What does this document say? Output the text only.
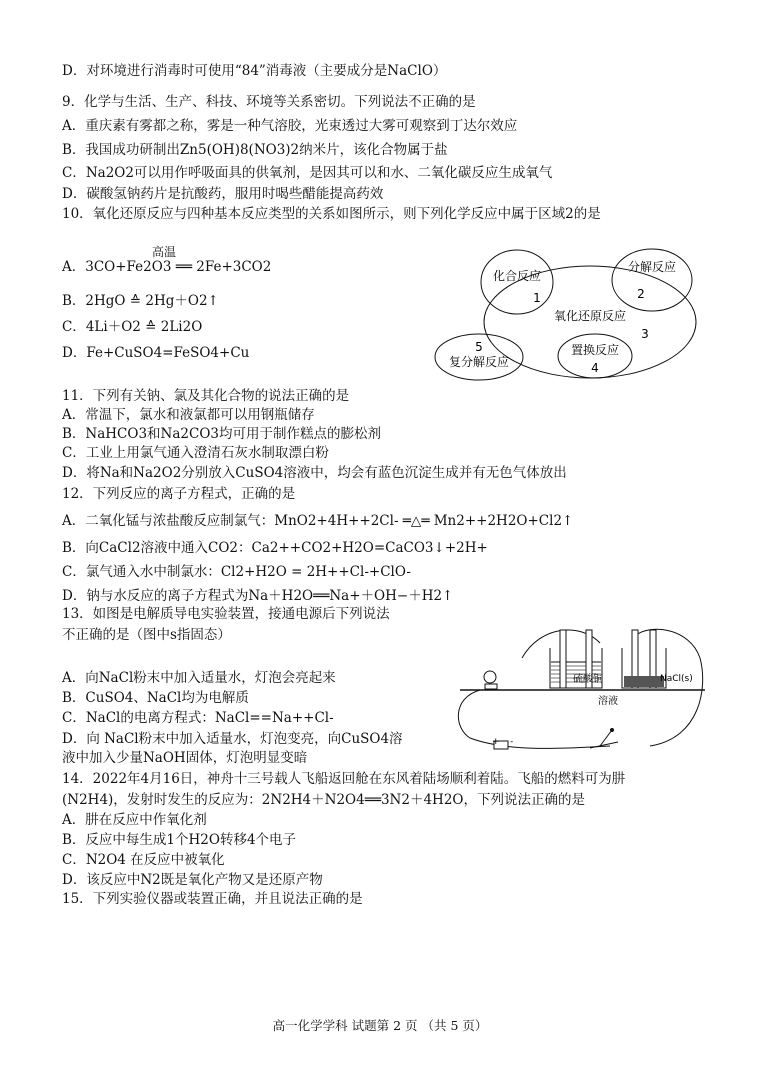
D．对环境进行消毒时可使用“84”消毒液（主要成分是NaClO）
9．化学与生活、生产、科技、环境等关系密切。下列说法不正确的是
A．重庆素有雾都之称，雾是一种气溶胶，光束透过大雾可观察到丁达尔效应
B．我国成功研制出Zn5(OH)8(NO3)2纳米片，该化合物属于盐
C．Na2O2可以用作呼吸面具的供氧剂，是因其可以和水、二氧化碳反应生成氧气
D．碳酸氢钠药片是抗酸药，服用时喝些醋能提高药效
10．氧化还原反应与四种基本反应类型的关系如图所示，则下列化学反应中属于区域2的是
高温
A．3CO+Fe2O3 ══ 2Fe+3CO2
B．2HgO ≙ 2Hg＋O2↑
C．4Li＋O2 ≙ 2Li2O
D．Fe+CuSO4=FeSO4+Cu
化合反应
分解反应
氧化还原反应
置换反应
复分解反应
1	2
3
4
5
11．下列有关钠、氯及其化合物的说法正确的是
A．常温下，氯水和液氯都可以用钢瓶储存
B．NaHCO3和Na2CO3均可用于制作糕点的膨松剂
C．工业上用氯气通入澄清石灰水制取漂白粉
D．将Na和Na2O2分别放入CuSO4溶液中，均会有蓝色沉淀生成并有无色气体放出
12．下列反应的离子方程式，正确的是
A．二氧化锰与浓盐酸反应制氯气：MnO2+4H++2Cl- ═△═ Mn2++2H2O+Cl2↑
B．向CaCl2溶液中通入CO2：Ca2++CO2+H2O=CaCO3↓+2H+
C．氯气通入水中制氯水：Cl2+H2O = 2H++Cl-+ClO-
D．钠与水反应的离子方程式为Na＋H2O══Na+＋OH−＋H2↑
13．如图是电解质导电实验装置，接通电源后下列说法
不正确的是（图中s指固态）
A．向NaCl粉末中加入适量水，灯泡会亮起来
B．CuSO4、NaCl均为电解质
C．NaCl的电离方程式：NaCl==Na++Cl-
D．向 NaCl粉末中加入适量水，灯泡变亮，向CuSO4溶
液中加入少量NaOH固体，灯泡明显变暗
硫酸铜
溶液
NaCl(s)
+ -
14．2022年4月16日，神舟十三号载人飞船返回舱在东风着陆场顺利着陆。飞船的燃料可为肼
(N2H4)，发射时发生的反应为：2N2H4＋N2O4══3N2＋4H2O，下列说法正确的是
A．肼在反应中作氧化剂
B．反应中每生成1个H2O转移4个电子
C．N2O4 在反应中被氧化
D．该反应中N2既是氧化产物又是还原产物
15．下列实验仪器或装置正确，并且说法正确的是
高一化学学科 试题第 2 页 （共 5 页）
